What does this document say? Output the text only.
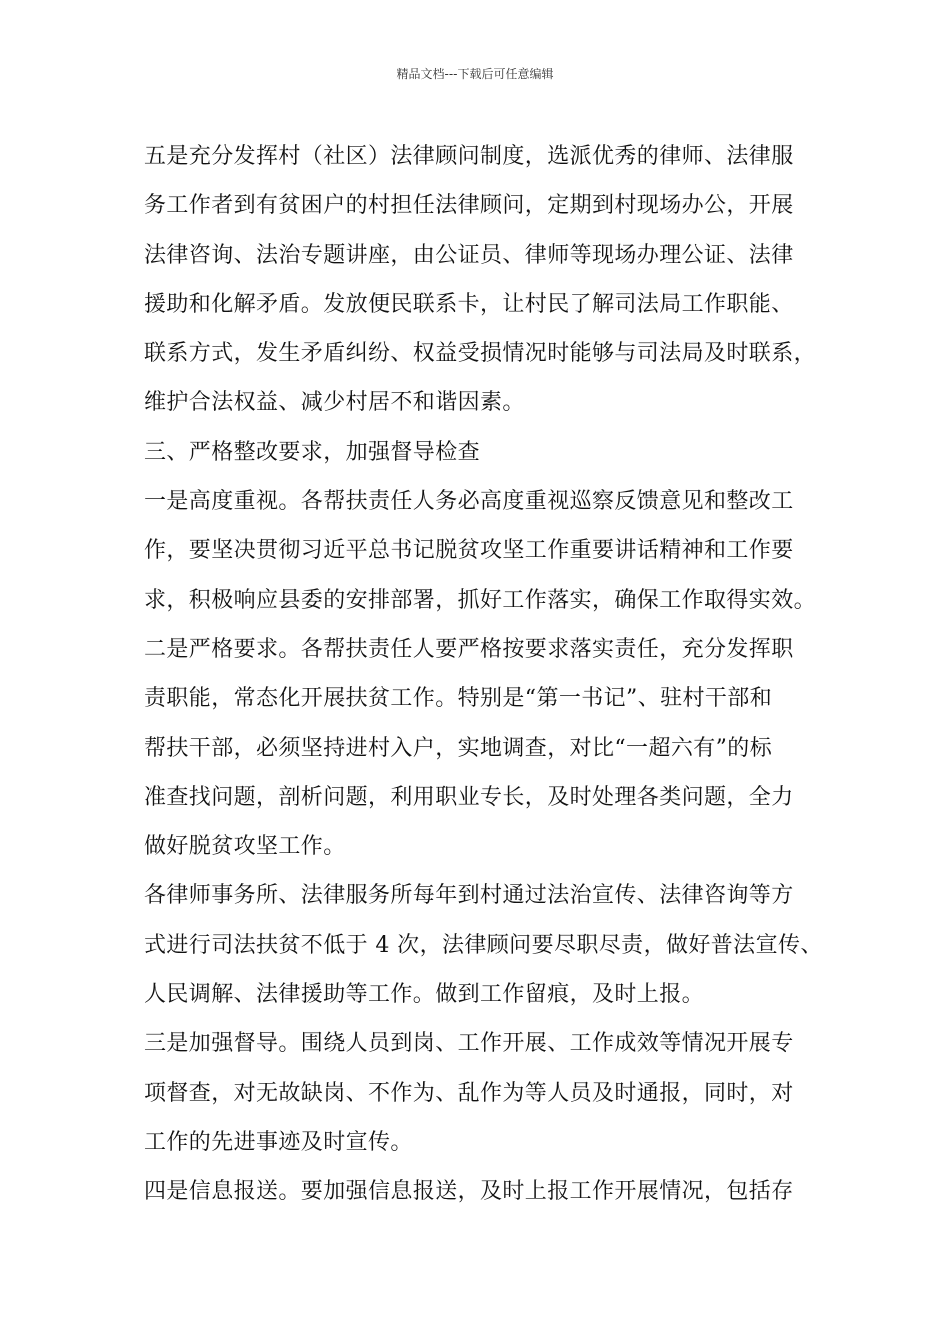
精品文档---下载后可任意编辑
五是充分发挥村（社区）法律顾问制度，选派优秀的律师、法律服
务工作者到有贫困户的村担任法律顾问，定期到村现场办公，开展
法律咨询、法治专题讲座，由公证员、律师等现场办理公证、法律
援助和化解矛盾。发放便民联系卡，让村民了解司法局工作职能、
联系方式，发生矛盾纠纷、权益受损情况时能够与司法局及时联系，
维护合法权益、减少村居不和谐因素。
三、严格整改要求，加强督导检查
一是高度重视。各帮扶责任人务必高度重视巡察反馈意见和整改工
作，要坚决贯彻习近平总书记脱贫攻坚工作重要讲话精神和工作要
求，积极响应县委的安排部署，抓好工作落实，确保工作取得实效。
二是严格要求。各帮扶责任人要严格按要求落实责任，充分发挥职
责职能，常态化开展扶贫工作。特别是“第一书记”、驻村干部和
帮扶干部，必须坚持进村入户，实地调查，对比“一超六有”的标
准查找问题，剖析问题，利用职业专长，及时处理各类问题，全力
做好脱贫攻坚工作。
各律师事务所、法律服务所每年到村通过法治宣传、法律咨询等方
式进行司法扶贫不低于 4 次，法律顾问要尽职尽责，做好普法宣传、
人民调解、法律援助等工作。做到工作留痕，及时上报。
三是加强督导。围绕人员到岗、工作开展、工作成效等情况开展专
项督查，对无故缺岗、不作为、乱作为等人员及时通报，同时，对
工作的先进事迹及时宣传。
四是信息报送。要加强信息报送，及时上报工作开展情况，包括存
